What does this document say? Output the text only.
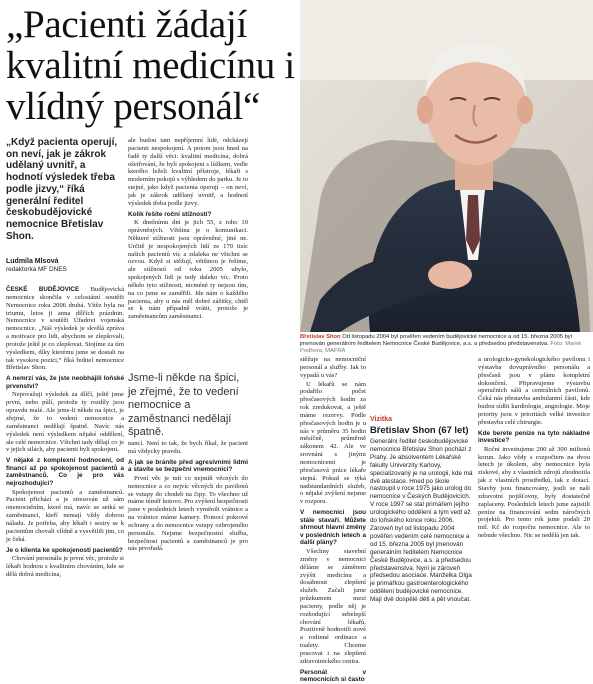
„Pacienti žádají kvalitní medicínu i vlídný personál“

„Když pacienta operují, on neví, jak je zákrok udělaný uvnitř, a hodnotí výsledek třeba podle jizvy,“ říká generální ředitel českobudějovické nemocnice Břetislav Shon.

Ludmila Mlsová
redaktorka MF DNES

ČESKÉ BUDĚJOVICE Budějovická nemocnice skončila v celostátní soutěži Nemocnice roku 2006 druhá. Vítěz byla na triumu, letos ji anna dílčích prázdnin. Nemocnice v soutěži Úřadovi vojenská nemocnice. „Náš výsledek je skvělá zpráva a motivace pro lidi, abychom se zlepšovali, protože ještě je co zlepšovat. Stojíme za tím výsledkem, díky kterému jsme se dostali na tak vysokou pozici,“ říká ředitel nemocnice Břetislav Shon.

A nemrzí vás, že jste neobhájili loňské prvenství?

Nepovažuji výsledek za dílčí, ještě jsme první, nebo půlí, protože ty rozdíly jsou opravdu malé. Ale jsme-li někde na špici, je zřejmé, že to vedení nemocnice a zaměstnanci nedělají špatně. Navíc nás výsledek není výsledkem nějaké oddělení, ale celé nemocnice. Všichni tady dělají co je v jejich silách, aby pacienti byli spokojeni.

V nějaké z komplexní hodnocení, od financí až po spokojenost pacientů a zaměstnanců. Co je pro vás nejrozhodující?

Spokojenost pacientů a zaměstnanců. Pacient přichází a je stresován už sám onemocněním, které má, navíc se setká se zaměstnanci, kteří nemají vždy dobrou náladu. Je potřeba, aby lékaři i sestry se k pacientům chovali vlídně a vysvětlili jim, co je čeká.

Je o klienta ke spokojenosti pacientů?

Chování personálu je první věc, protože si lékaři hodnou s kvalitním chováním, kde se dělá dobrá medicína,

ale budou tam nepříjemní lidé, odcházejí pacienti nespokojení. A potom jsou hned na řadě ty další věci: kvalitní medicína, dobrá ošetřování, že byli spokojeni s lůžkem, vedle kterého leželi kvalitní přístroje, lékaři s moderním pokojů s výhledem do parku. Je to stejné, jako když pacienta operují – on neví, jak je zákrok udělaný uvnitř, a hodnotí výsledek třeba podle jizvy.

Kolik řešíte roční stížnosti?

K dnešnímu dni je jich 55, z toho 10 oprávněných. Většina je o komunikaci. Některé stížnosti jsou oprávněné, jiné ne. Určitě je nespokojených lidí ze 170 tisíc našich pacientů víc a zdaleka ne všichni se ozvou. Když si stěžují, většinou je řešíme, ale stížností od roku 2005 ubylo, spokojených lidí je tedy daleko víc. Proto někdo tyto stížnosti, nicméně ty nejsou tím, na co jsme se zaměřili. Jde nám o každého pacienta, aby u nás měl dobré zážitky, chtěl se k nám případně vrátit, protože je zaměstnancům zaměstnanci.

Jsme-li někde na špici, je zřejmé, že to vedení nemocnice a zaměstnanci nedělají špatně.

nancí. Není to tak, že bych říkal, že pacient má vždycky pravdu.

A jak se bráníte před agresivními lidmi a stavíte se bezpeční vnemocnici?

První věc je mít co nejmíň věcných do nemocnice a co nejvíc věcných do pavilonů se vstupy do chodeb na čipy. To všechno už máme téměř hotovo. Pro zvýšení bezpečnosti jsme v posledních letech vyměnili vrátnice a na vrátnice máme kamery. Pomocí pokrové ochrany a do nemocnice vstupy ozbrojeného personálu. Nejsme bezpečnostní služba, bezpečnost pacientů a zaměstnanců je pro nás prvořadá.

Břetislav Shon Od listopadu 2004 byl pověřen vedením budějovické nemocnice a od 15. března 2005 byl jmenován generálním ředitelem Nemocnice České Budějovice, a.s. a předsedou představenstva. Foto: Marek Podhora, MAFRA

stěžuje na nemocniční personál a služby. Jak to vypadá u vás?

U lékařů se nám podařilo počet přesčasových hodin za rok zredukovat, a ještě máme rezervy. Podle přesčasových hodin je u nás v průměru 35 hodin měsíčně, průměrně zákonem 42. Ale ve srovnání s jinými nemocnicemi je přesčasová práce lékaře stejná. Pokud se týká nadstandardních služeb, o nějaké zvýšení nejsme v rozporu.

V nemocnici jsou stále stavaří. Můžete shrnout hlavní změny v posledních letech a další plány?

Všechny stavební změny v nemocnici děláme se záměrem zvýšit medicínu a dosáhnout zlepšení služeb. Začali jsme průzkumem mezi pacienty, podle něj je rozhodující sebelepší chování lékařů. Pozitivně hodnotili nové a rodinné ordinace a toalety. Chceme pracovat i na zlepšení zdravotnického centra.

Personál v nemocnicích si často

Vizitka
Břetislav Shon (67 let)
Generální ředitel českobudějovické nemocnice Břetislav Shon pochází z Prahy. Je absolventem Lékařské fakulty Univerzity Karlovy, specializovaný je na urologii, kde má dvě atestace. Hned po škole nastoupil v roce 1975 jako urolog do nemocnice v Českých Budějovicích. V roce 1997 se stal primářem jejího urologického oddělení a tým vedl až do loňského konce roku 2006. Zároveň byl od listopadu 2004 pověřen vedením celé nemocnice a od 15. března 2005 byl jmenován generálním ředitelem Nemocnice České Budějovice, a.s. a předsedou představenstva. Nyní je zároveň předsedou asociace. Manželka Olga je primářkou gastroenterologického oddělení budějovické nemocnice. Mají dvě dospělé děti a pět vnoučat.

a urologicko-gynekologického pavilonu i výstavba dovuprávního personálu a přesčasů jsou v plánu kompletní dokončení. Připravujeme výstavbu operačních sálů a centrálních pavilonů. Čeká nás přestavba ambulantní části, kde budou sídlit kardiologie, angiologie. Moje priority jsou v prioritách velké investice přestavba celé chirurgie.

Kde berete peníze na tyto nákladné investice?

Roční investujeme 200 až 300 milionů korun. Jako vždy s rozpočtem na dvou letech je úkolem, aby nemocnice byla ziskové, aby z vlastních zdrojů zhodnotila jak z vlastních prostředků, tak z dotací. Stavby jsou financovány, jestli se naši zdravotní pojišťovny, byly dostatečně zaplaceny. Posledních letech jsme zajistili peníze na financování sedm náročných projektů. Pro tento rok jsme podali 20 mil. Kč do rozpočtu nemocnice. Ale to nebude všechno. Nic se nedělá jen tak.
